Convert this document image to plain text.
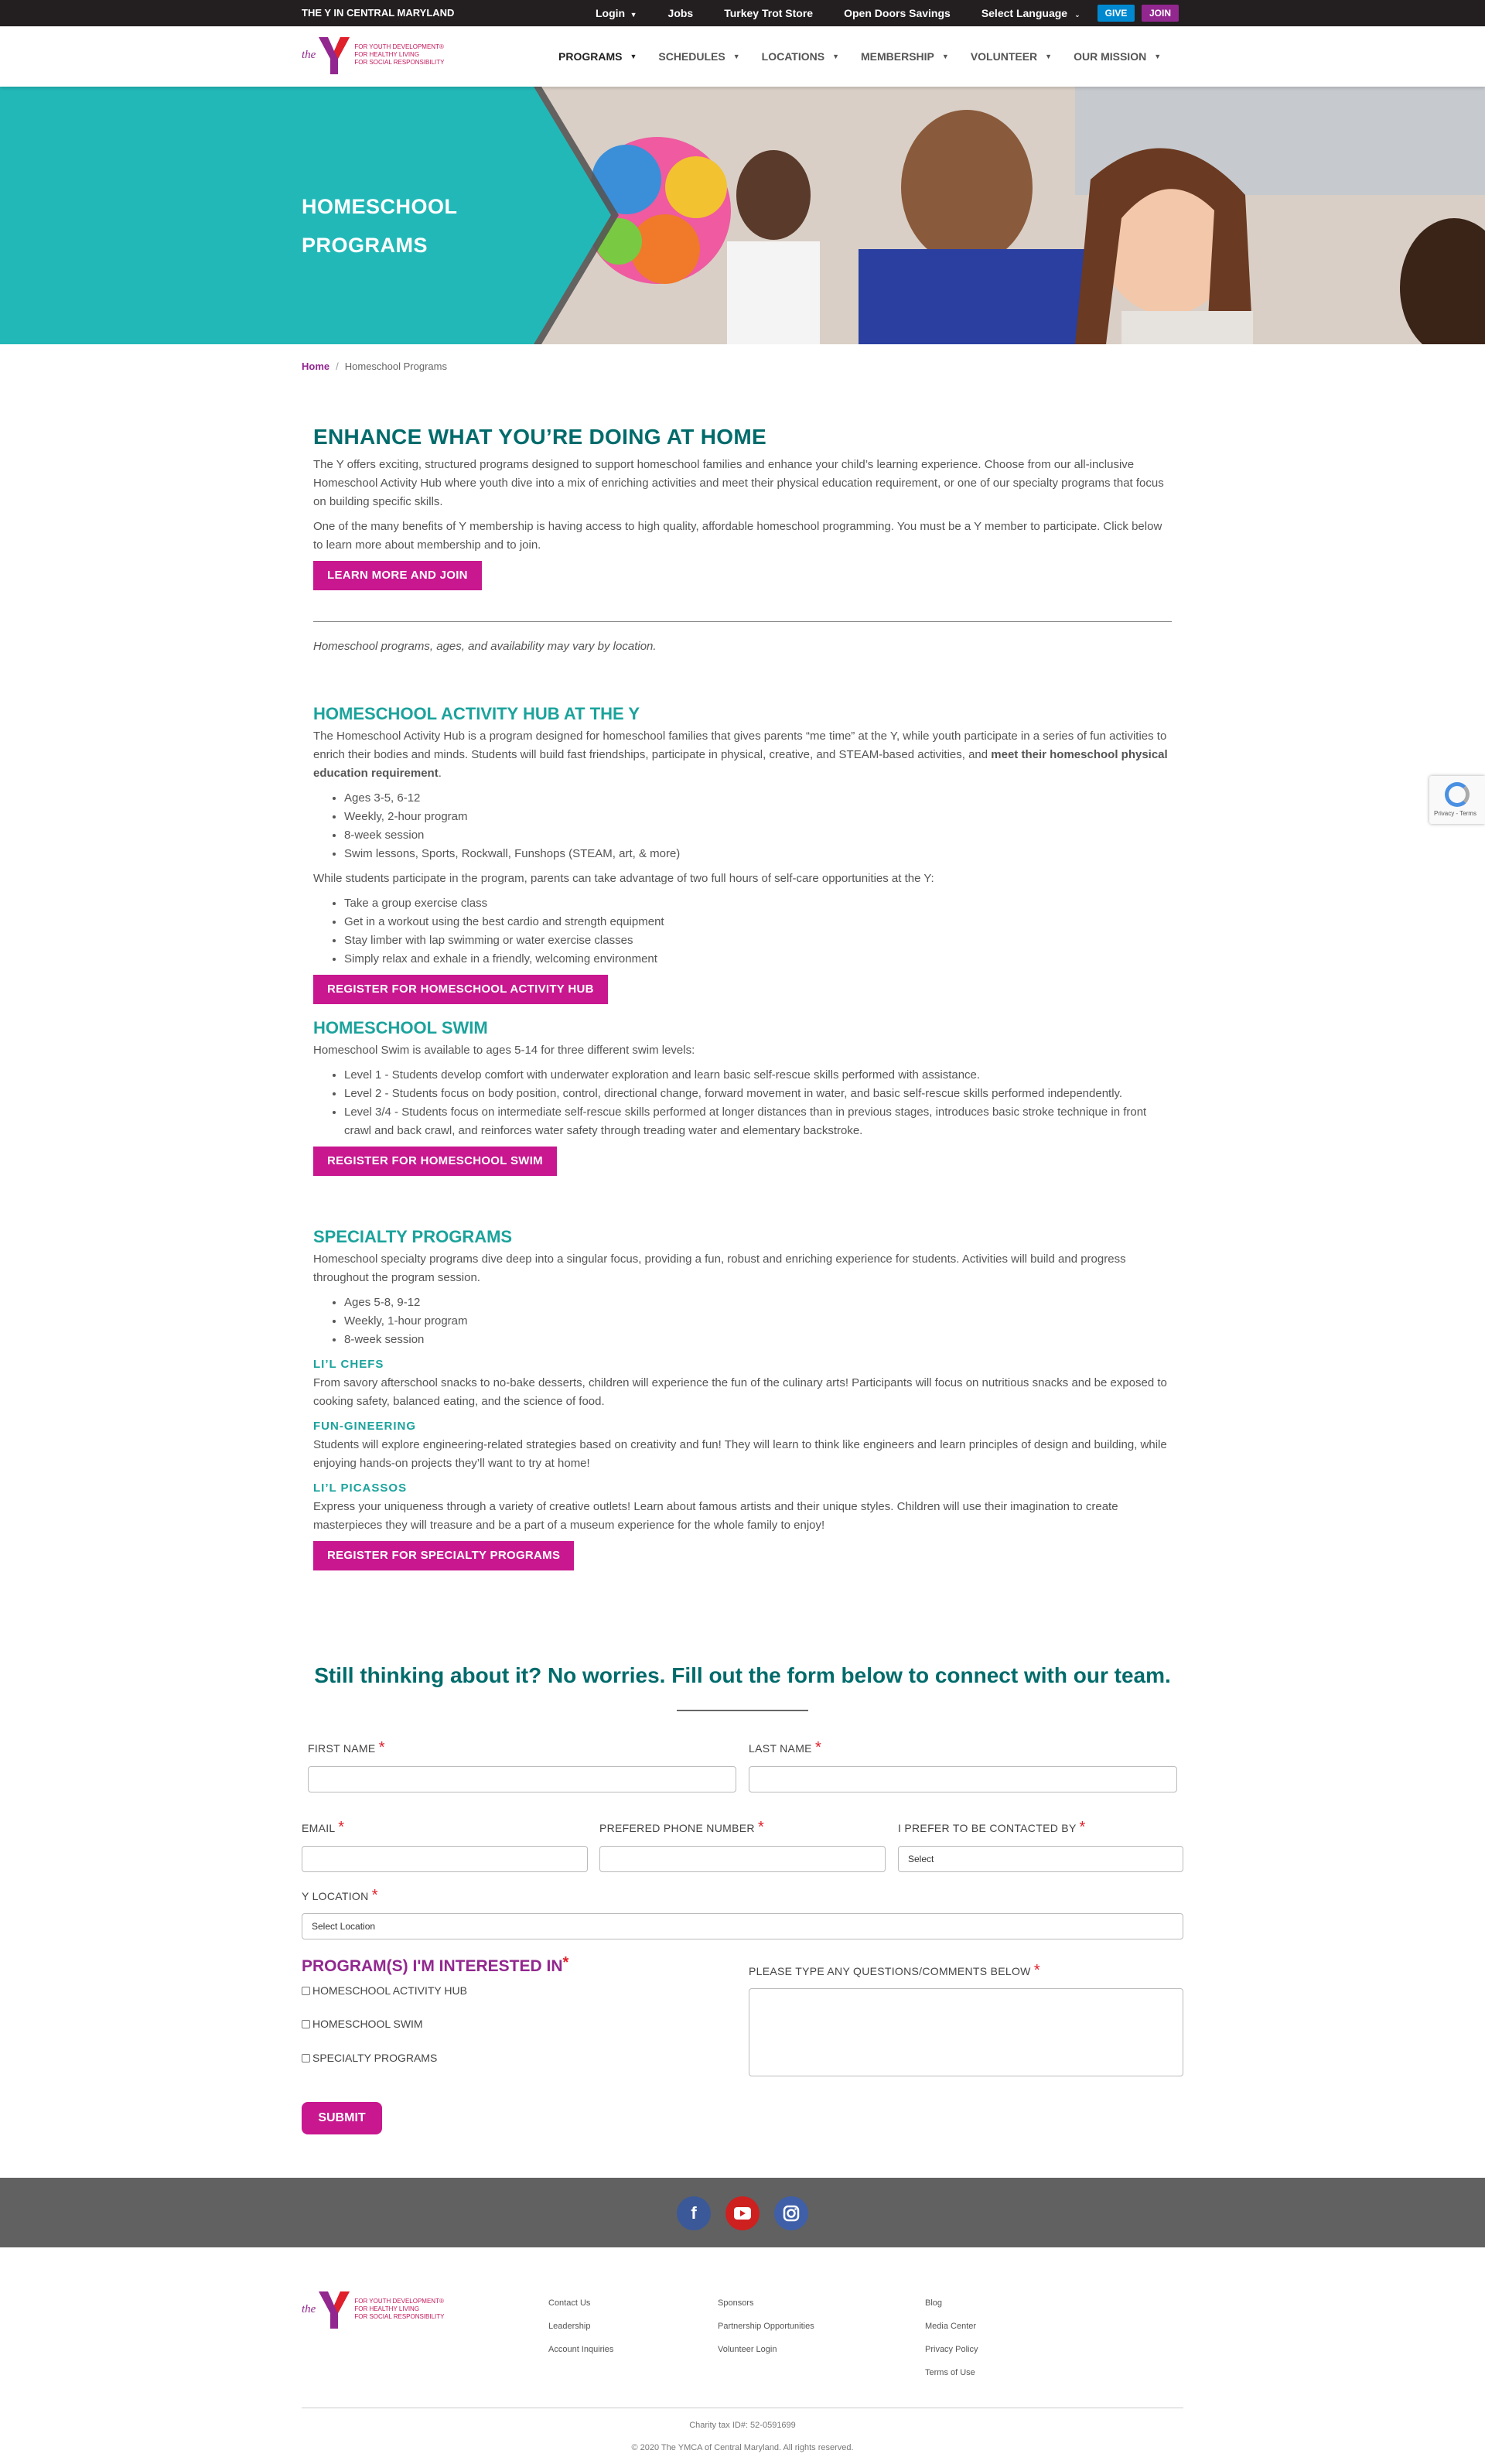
THE Y IN CENTRAL MARYLAND	Login ▼	Jobs	Turkey Trot Store	Open Doors Savings	Select Language  ⌄	GIVE	JOIN
the
FOR YOUTH DEVELOPMENT®
FOR HEALTHY LIVING
FOR SOCIAL RESPONSIBILITY	PROGRAMS ▼ SCHEDULES ▼ LOCATIONS ▼ MEMBERSHIP ▼ VOLUNTEER ▼ OUR MISSION ▼
HOMESCHOOL
PROGRAMS
Home / Homeschool Programs
ENHANCE WHAT YOU’RE DOING AT HOME

The Y offers exciting, structured programs designed to support homeschool families and enhance your child’s learning experience. Choose from our all-inclusive Homeschool Activity Hub where youth dive into a mix of enriching activities and meet their physical education requirement, or one of our specialty programs that focus on building specific skills.

One of the many benefits of Y membership is having access to high quality, affordable homeschool programming. You must be a Y member to participate. Click below to learn more about membership and to join.

LEARN MORE AND JOIN

Homeschool programs, ages, and availability may vary by location.

HOMESCHOOL ACTIVITY HUB AT THE Y

The Homeschool Activity Hub is a program designed for homeschool families that gives parents “me time” at the Y, while youth participate in a series of fun activities to enrich their bodies and minds. Students will build fast friendships, participate in physical, creative, and STEAM-based activities, and meet their homeschool physical education requirement.

• Ages 3-5, 6-12
• Weekly, 2-hour program
• 8-week session
• Swim lessons, Sports, Rockwall, Funshops (STEAM, art, & more)

While students participate in the program, parents can take advantage of two full hours of self-care opportunities at the Y:

• Take a group exercise class
• Get in a workout using the best cardio and strength equipment
• Stay limber with lap swimming or water exercise classes
• Simply relax and exhale in a friendly, welcoming environment
REGISTER FOR HOMESCHOOL ACTIVITY HUB
HOMESCHOOL SWIM

Homeschool Swim is available to ages 5-14 for three different swim levels:

• Level 1 - Students develop comfort with underwater exploration and learn basic self-rescue skills performed with assistance.
• Level 2 - Students focus on body position, control, directional change, forward movement in water, and basic self-rescue skills performed independently.
• Level 3/4 - Students focus on intermediate self-rescue skills performed at longer distances than in previous stages, introduces basic stroke technique in front crawl and back crawl, and reinforces water safety through treading water and elementary backstroke.
REGISTER FOR HOMESCHOOL SWIM
SPECIALTY PROGRAMS

Homeschool specialty programs dive deep into a singular focus, providing a fun, robust and enriching experience for students. Activities will build and progress throughout the program session.

• Ages 5-8, 9-12
• Weekly, 1-hour program
• 8-week session
LI’L CHEFS

From savory afterschool snacks to no-bake desserts, children will experience the fun of the culinary arts! Participants will focus on nutritious snacks and be exposed to cooking safety, balanced eating, and the science of food.

FUN-GINEERING

Students will explore engineering-related strategies based on creativity and fun! They will learn to think like engineers and learn principles of design and building, while enjoying hands-on projects they’ll want to try at home!

LI’L PICASSOS

Express your uniqueness through a variety of creative outlets! Learn about famous artists and their unique styles. Children will use their imagination to create masterpieces they will treasure and be a part of a museum experience for the whole family to enjoy!

REGISTER FOR SPECIALTY PROGRAMS
Privacy - Terms
Still thinking about it? No worries. Fill out the form below to connect with our team.
FIRST NAME *	LAST NAME *
EMAIL *	PREFERED PHONE NUMBER *	I PREFER TO BE CONTACTED BY *
Select
Y LOCATION *
Select Location
PROGRAM(S) I'M INTERESTED IN*
HOMESCHOOL ACTIVITY HUB
HOMESCHOOL SWIM
SPECIALTY PROGRAMS
PLEASE TYPE ANY QUESTIONS/COMMENTS BELOW *
SUBMIT
f
the
FOR YOUTH DEVELOPMENT®
FOR HEALTHY LIVING
FOR SOCIAL RESPONSIBILITY
Contact Us
Leadership
Account Inquiries
Sponsors
Partnership Opportunities
Volunteer Login
Blog
Media Center
Privacy Policy
Terms of Use
Charity tax ID#: 52-0591699
© 2020 The YMCA of Central Maryland. All rights reserved.
